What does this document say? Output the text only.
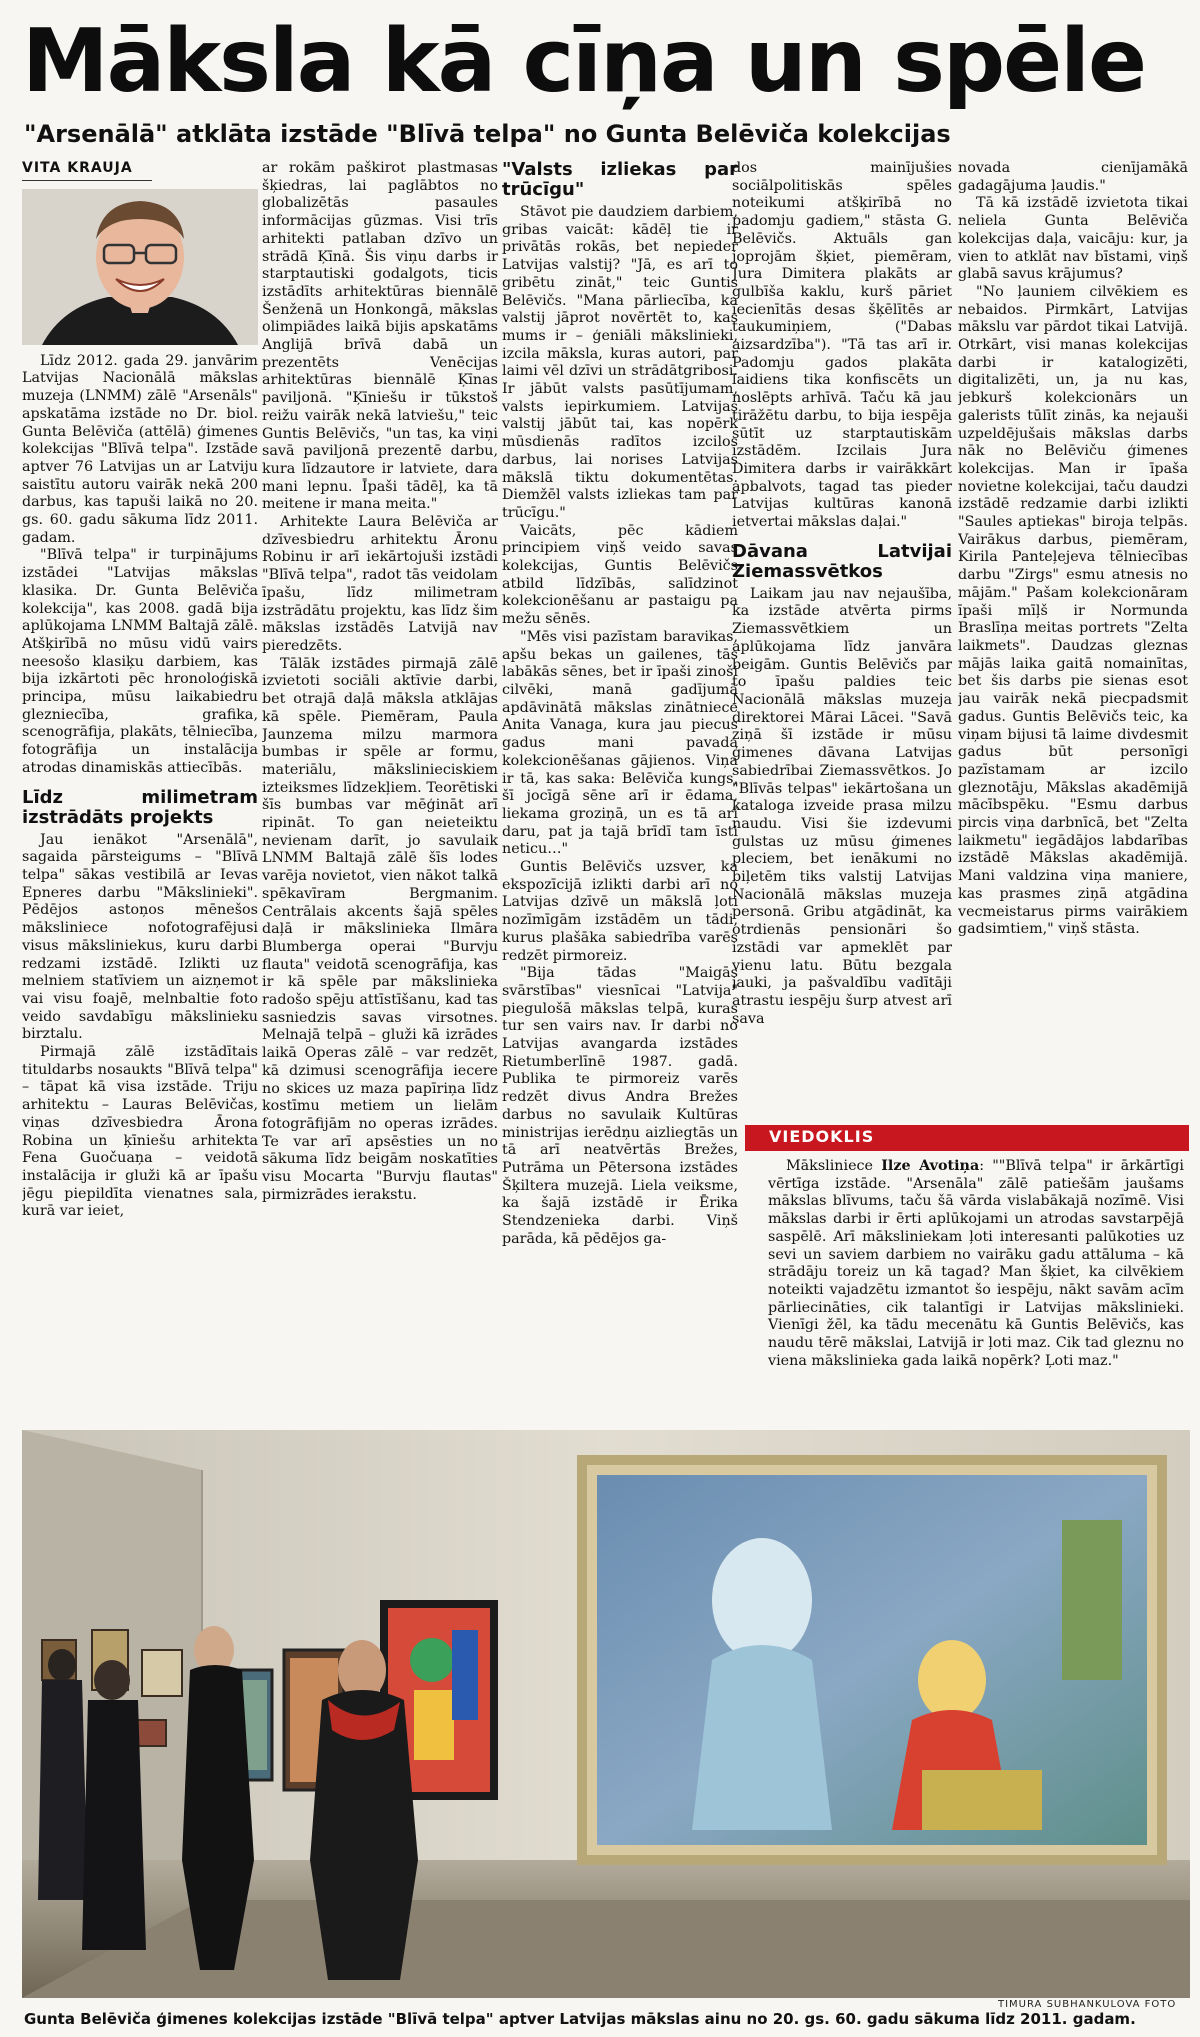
Māksla kā cīņa un spēle
"Arsenālā" atklāta izstāde "Blīvā telpa" no Gunta Belēviča kolekcijas
VITA KRAUJA

Līdz 2012. gada 29. janvārim Latvijas Nacionālā mākslas muzeja (LNMM) zālē "Arsenāls" apskatāma izstāde no Dr. biol. Gunta Belēviča (attēlā) ģimenes kolekcijas "Blīvā telpa". Izstāde aptver 76 Latvijas un ar Latviju saistītu autoru vairāk nekā 200 darbus, kas tapuši laikā no 20. gs. 60. gadu sākuma līdz 2011. gadam.

"Blīvā telpa" ir turpinājums izstādei "Latvijas mākslas klasika. Dr. Gunta Belēviča kolekcija", kas 2008. gadā bija aplūkojama LNMM Baltajā zālē. Atšķirībā no mūsu vidū vairs neesošo klasiķu darbiem, kas bija izkārtoti pēc hronoloģiskā principa, mūsu laikabiedru glezniecība, grafika, scenogrāfija, plakāts, tēlniecība, fotogrāfija un instalācija atrodas dinamiskās attiecībās.

Līdz milimetram izstrādāts projekts

Jau ienākot "Arsenālā", sagaida pārsteigums – "Blīvā telpa" sākas vestibilā ar Ievas Epneres darbu "Mākslinieki". Pēdējos astoņos mēnešos māksliniece nofotografējusi visus māksliniekus, kuru darbi redzami izstādē. Izlikti uz melniem statīviem un aizņemot vai visu foajē, melnbaltie foto veido savdabīgu mākslinieku birztalu.

Pirmajā zālē izstādītais tituldarbs nosaukts "Blīvā telpa" – tāpat kā visa izstāde. Triju arhitektu – Lauras Belēvičas, viņas dzīvesbiedra Ārona Robina un ķīniešu arhitekta Fena Guočuaņa – veidotā instalācija ir gluži kā ar īpašu jēgu piepildīta vienatnes sala, kurā var ieiet,

ar rokām paškirot plastmasas šķiedras, lai paglābtos no globalizētās pasaules informācijas gūzmas. Visi trīs arhitekti patlaban dzīvo un strādā Ķīnā. Šis viņu darbs ir starptautiski godalgots, ticis izstādīts arhitektūras biennālē Šenženā un Honkongā, mākslas olimpiādes laikā bijis apskatāms Anglijā brīvā dabā un prezentēts Venēcijas arhitektūras biennālē Ķīnas paviljonā. "Ķīniešu ir tūkstoš reižu vairāk nekā latviešu," teic Guntis Belēvičs, "un tas, ka viņi savā paviljonā prezentē darbu, kura līdzautore ir latviete, dara mani lepnu. Īpaši tādēļ, ka tā meitene ir mana meita."

Arhitekte Laura Belēviča ar dzīvesbiedru arhitektu Āronu Robinu ir arī iekārtojuši izstādi "Blīvā telpa", radot tās veidolam īpašu, līdz milimetram izstrādātu projektu, kas līdz šim mākslas izstādēs Latvijā nav pieredzēts.

Tālāk izstādes pirmajā zālē izvietoti sociāli aktīvie darbi, bet otrajā daļā māksla atklājas kā spēle. Piemēram, Paula Jaunzema milzu marmora bumbas ir spēle ar formu, materiālu, mākslinieciskiem izteiksmes līdzekļiem. Teorētiski šīs bumbas var mēģināt arī ripināt. To gan neieteiktu nevienam darīt, jo savulaik LNMM Baltajā zālē šīs lodes varēja novietot, vien nākot talkā spēkavīram Bergmanim. Centrālais akcents šajā spēles daļā ir mākslinieka Ilmāra Blumberga operai "Burvju flauta" veidotā scenogrāfija, kas ir kā spēle par mākslinieka radošo spēju attīstīšanu, kad tas sasniedzis savas virsotnes. Melnajā telpā – gluži kā izrādes laikā Operas zālē – var redzēt, kā dzimusi scenogrāfija iecere no skices uz maza papīriņa līdz kostīmu metiem un lielām fotogrāfijām no operas izrādes. Te var arī apsēsties un no sākuma līdz beigām noskatīties visu Mocarta "Burvju flautas" pirmizrādes ierakstu.

"Valsts izliekas par trūcīgu"

Stāvot pie daudziem darbiem, gribas vaicāt: kādēļ tie ir privātās rokās, bet nepieder Latvijas valstij? "Jā, es arī to gribētu zināt," teic Guntis Belēvičs. "Mana pārliecība, ka valstij jāprot novērtēt to, kas mums ir – ģeniāli mākslinieki, izcila māksla, kuras autori, par laimi vēl dzīvi un strādātgribosi. Ir jābūt valsts pasūtījumam, valsts iepirkumiem. Latvijas valstij jābūt tai, kas nopērk mūsdienās radītos izcilos darbus, lai norises Latvijas mākslā tiktu dokumentētas. Diemžēl valsts izliekas tam par trūcīgu."

Vaicāts, pēc kādiem principiem viņš veido savas kolekcijas, Guntis Belēvičs atbild līdzībās, salīdzinot kolekcionēšanu ar pastaigu pa mežu sēnēs.

"Mēs visi pazīstam baravikas, apšu bekas un gailenes, tās labākās sēnes, bet ir īpaši zinoši cilvēki, manā gadījumā apdāvinātā mākslas zinātniece Anita Vanaga, kura jau piecus gadus mani pavada kolekcionēšanas gājienos. Viņa ir tā, kas saka: Belēviča kungs, šī jocīgā sēne arī ir ēdama, liekama groziņā, un es tā arī daru, pat ja tajā brīdī tam īsti neticu…"

Guntis Belēvičs uzsver, ka ekspozīcijā izlikti darbi arī no Latvijas dzīvē un mākslā ļoti nozīmīgām izstādēm un tādi, kurus plašāka sabiedrība varēs redzēt pirmoreiz.

"Bija tādas "Maigās svārstības" viesnīcai "Latvija" piegulošā mākslas telpā, kuras tur sen vairs nav. Ir darbi no Latvijas avangarda izstādes Rietumberlīnē 1987. gadā. Publika te pirmoreiz varēs redzēt divus Andra Brežes darbus no savulaik Kultūras ministrijas ierēdņu aizliegtās un tā arī neatvērtās Brežes, Putrāma un Pētersona izstādes Šķiltera muzejā. Liela veiksme, ka šajā izstādē ir Ērika Stendzenieka darbi. Viņš parāda, kā pēdējos ga-

dos mainījušies sociālpolitiskās spēles noteikumi atšķirībā no padomju gadiem," stāsta G. Belēvičs. Aktuāls gan joprojām šķiet, piemēram, Jura Dimitera plakāts ar gulbīša kaklu, kurš pāriet iecienītās desas šķēlītēs ar taukumiņiem, ("Dabas aizsardzība"). "Tā tas arī ir. Padomju gados plakāta laidiens tika konfiscēts un noslēpts arhīvā. Taču kā jau tirāžētu darbu, to bija iespēja sūtīt uz starptautiskām izstādēm. Izcilais Jura Dimitera darbs ir vairākkārt apbalvots, tagad tas pieder Latvijas kultūras kanonā ietvertai mākslas daļai."

Dāvana Latvijai Ziemassvētkos

Laikam jau nav nejaušība, ka izstāde atvērta pirms Ziemassvētkiem un aplūkojama līdz janvāra beigām. Guntis Belēvičs par to īpašu paldies teic Nacionālā mākslas muzeja direktorei Mārai Lācei. "Savā ziņā šī izstāde ir mūsu ģimenes dāvana Latvijas sabiedrībai Ziemassvētkos. Jo "Blīvās telpas" iekārtošana un kataloga izveide prasa milzu naudu. Visi šie izdevumi gulstas uz mūsu ģimenes pleciem, bet ienākumi no biļetēm tiks valstij Latvijas Nacionālā mākslas muzeja personā. Gribu atgādināt, ka otrdienās pensionāri šo izstādi var apmeklēt par vienu latu. Būtu bezgala jauki, ja pašvaldību vadītāji atrastu iespēju šurp atvest arī sava

novada cienījamākā gadagājuma ļaudis."

Tā kā izstādē izvietota tikai neliela Gunta Belēviča kolekcijas daļa, vaicāju: kur, ja vien to atklāt nav bīstami, viņš glabā savus krājumus?

"No ļauniem cilvēkiem es nebaidos. Pirmkārt, Latvijas mākslu var pārdot tikai Latvijā. Otrkārt, visi manas kolekcijas darbi ir katalogizēti, digitalizēti, un, ja nu kas, jebkurš kolekcionārs un galerists tūlīt zinās, ka nejauši uzpeldējušais mākslas darbs nāk no Belēviču ģimenes kolekcijas. Man ir īpaša novietne kolekcijai, taču daudzi izstādē redzamie darbi izlikti "Saules aptiekas" biroja telpās. Vairākus darbus, piemēram, Kirila Panteļejeva tēlniecības darbu "Zirgs" esmu atnesis no mājām." Pašam kolekcionāram īpaši mīļš ir Normunda Braslīņa meitas portrets "Zelta laikmets". Daudzas gleznas mājās laika gaitā nomainītas, bet šis darbs pie sienas esot jau vairāk nekā piecpadsmit gadus. Guntis Belēvičs teic, ka viņam bijusi tā laime divdesmit gadus būt personīgi pazīstamam ar izcilo gleznotāju, Mākslas akadēmijā mācībspēku. "Esmu darbus pircis viņa darbnīcā, bet "Zelta laikmetu" iegādājos labdarības izstādē Mākslas akadēmijā. Mani valdzina viņa maniere, kas prasmes ziņā atgādina vecmeistarus pirms vairākiem gadsimtiem," viņš stāsta.

VIEDOKLIS

Māksliniece Ilze Avotiņa: ""Blīvā telpa" ir ārkārtīgi vērtīga izstāde. "Arsenāla" zālē patiešām jaušams mākslas blīvums, taču šā vārda vislabākajā nozīmē. Visi mākslas darbi ir ērti aplūkojami un atrodas savstarpējā saspēlē. Arī māksliniekam ļoti interesanti palūkoties uz sevi un saviem darbiem no vairāku gadu attāluma – kā strādāju toreiz un kā tagad? Man šķiet, ka cilvēkiem noteikti vajadzētu izmantot šo iespēju, nākt savām acīm pārliecināties, cik talantīgi ir Latvijas mākslinieki. Vienīgi žēl, ka tādu mecenātu kā Guntis Belēvičs, kas naudu tērē mākslai, Latvijā ir ļoti maz. Cik tad gleznu no viena mākslinieka gada laikā nopērk? Ļoti maz."

TIMURA SUBHANKULOVA FOTO
Gunta Belēviča ģimenes kolekcijas izstāde "Blīvā telpa" aptver Latvijas mākslas ainu no 20. gs. 60. gadu sākuma līdz 2011. gadam.
